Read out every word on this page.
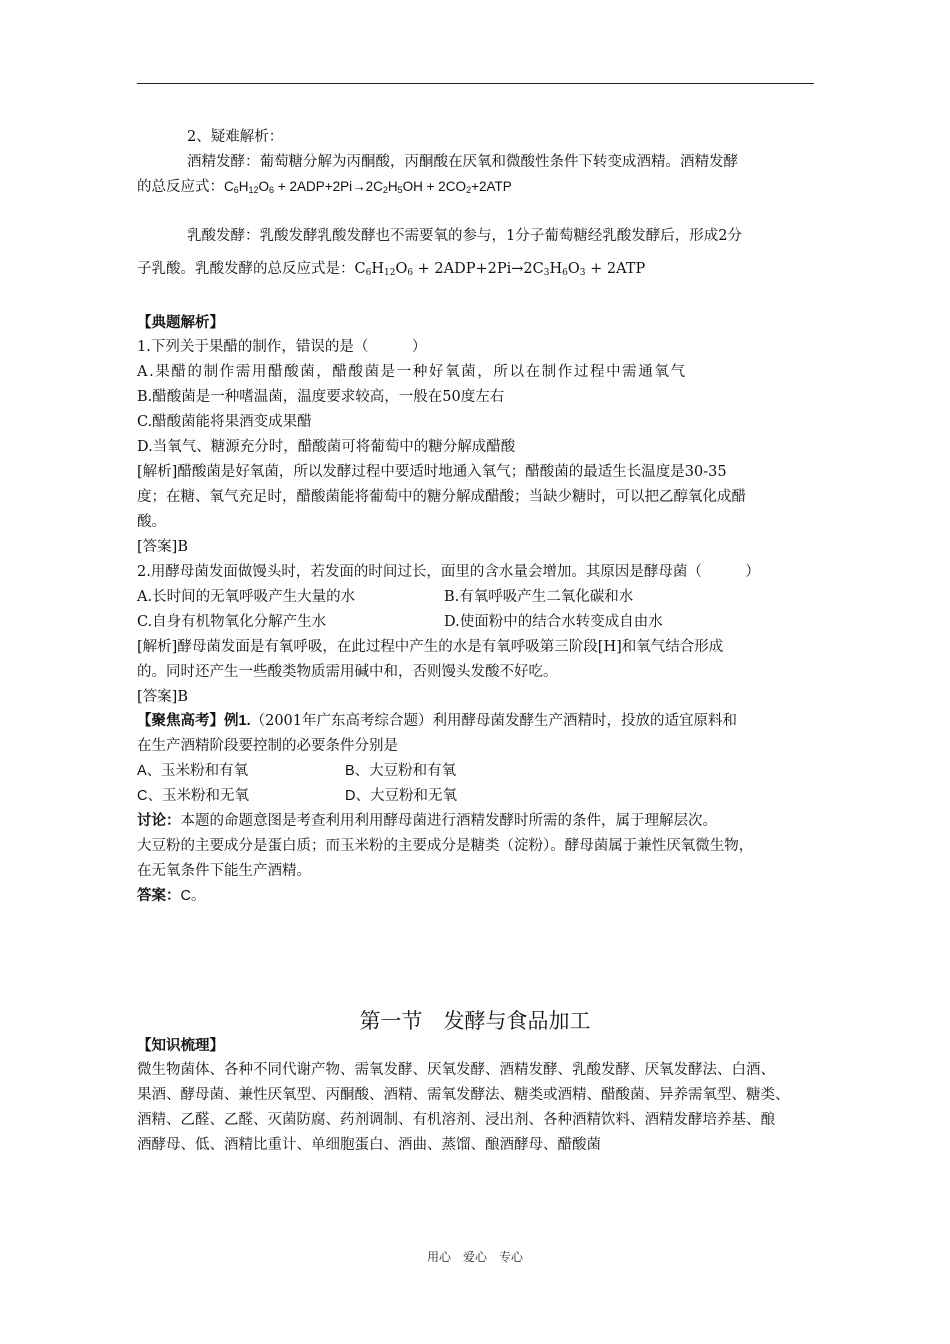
2、疑难解析：
酒精发酵：葡萄糖分解为丙酮酸，丙酮酸在厌氧和微酸性条件下转变成酒精。酒精发酵
的总反应式：$C_6H_{12}O_6 + 2ADP+2Pi\to 2C_2H_5OH + 2CO_2+2ATP$
乳酸发酵：乳酸发酵乳酸发酵也不需要氧的参与，1分子葡萄糖经乳酸发酵后，形成2分
子乳酸。乳酸发酵的总反应式是：$C_6H_{12}O_6 + 2ADP+2Pi\to 2C_3H_6O_3 + 2ATP$
【典题解析】
1.下列关于果醋的制作，错误的是（　　　）
A.果醋的制作需用醋酸菌，醋酸菌是一种好氧菌，所以在制作过程中需通氧气
B.醋酸菌是一种嗜温菌，温度要求较高，一般在50度左右
C.醋酸菌能将果酒变成果醋
D.当氧气、糖源充分时，醋酸菌可将葡萄中的糖分解成醋酸
[解析]醋酸菌是好氧菌，所以发酵过程中要适时地通入氧气；醋酸菌的最适生长温度是30-35
度；在糖、氧气充足时，醋酸菌能将葡萄中的糖分解成醋酸；当缺少糖时，可以把乙醇氧化成醋
酸。
[答案]B
2.用酵母菌发面做馒头时，若发面的时间过长，面里的含水量会增加。其原因是酵母菌（　　　）
A.长时间的无氧呼吸产生大量的水	B.有氧呼吸产生二氧化碳和水
C.自身有机物氧化分解产生水	D.使面粉中的结合水转变成自由水
[解析]酵母菌发面是有氧呼吸，在此过程中产生的水是有氧呼吸第三阶段[H]和氧气结合形成
的。同时还产生一些酸类物质需用碱中和，否则馒头发酸不好吃。
[答案]B
【聚焦高考】例1.（2001年广东高考综合题）利用酵母菌发酵生产酒精时，投放的适宜原料和
在生产酒精阶段要控制的必要条件分别是
A、玉米粉和有氧	B、大豆粉和有氧
C、玉米粉和无氧	D、大豆粉和无氧
讨论：本题的命题意图是考查利用利用酵母菌进行酒精发酵时所需的条件，属于理解层次。
大豆粉的主要成分是蛋白质；而玉米粉的主要成分是糖类（淀粉）。酵母菌属于兼性厌氧微生物，
在无氧条件下能生产酒精。
答案：C。
第一节　发酵与食品加工
【知识梳理】
微生物菌体、各种不同代谢产物、需氧发酵、厌氧发酵、酒精发酵、乳酸发酵、厌氧发酵法、白酒、
果酒、酵母菌、兼性厌氧型、丙酮酸、酒精、需氧发酵法、糖类或酒精、醋酸菌、异养需氧型、糖类、
酒精、乙醛、乙醛、灭菌防腐、药剂调制、有机溶剂、浸出剂、各种酒精饮料、酒精发酵培养基、酿
酒酵母、低、酒精比重计、单细胞蛋白、酒曲、蒸馏、酿酒酵母、醋酸菌
用心　爱心　专心
